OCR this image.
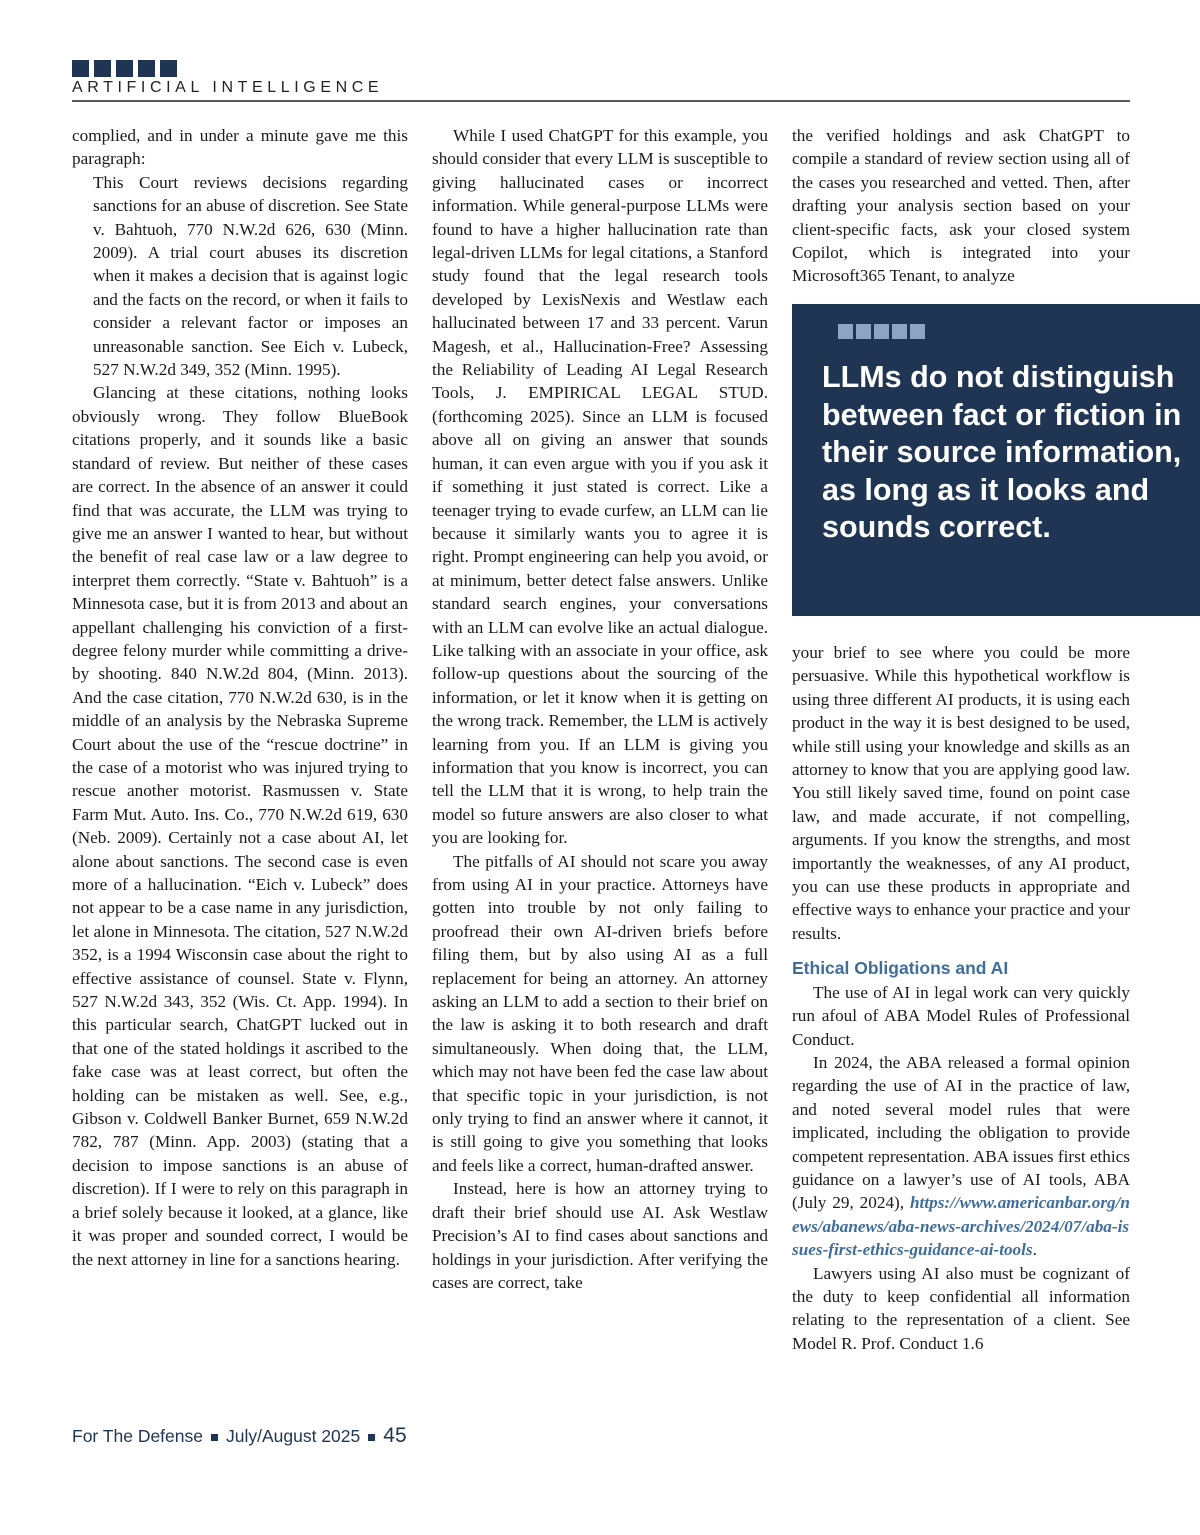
ARTIFICIAL INTELLIGENCE

complied, and in under a minute gave me this paragraph:

This Court reviews decisions regarding sanctions for an abuse of discretion. See State v. Bahtuoh, 770 N.W.2d 626, 630 (Minn. 2009). A trial court abuses its discretion when it makes a decision that is against logic and the facts on the record, or when it fails to consider a relevant factor or imposes an unreasonable sanction. See Eich v. Lubeck, 527 N.W.2d 349, 352 (Minn. 1995).

Glancing at these citations, nothing looks obviously wrong. They follow BlueBook citations properly, and it sounds like a basic standard of review. But neither of these cases are correct. In the absence of an answer it could find that was accurate, the LLM was trying to give me an answer I wanted to hear, but without the benefit of real case law or a law degree to interpret them correctly. “State v. Bahtuoh” is a Minnesota case, but it is from 2013 and about an appellant challenging his conviction of a first-degree felony murder while committing a drive-by shooting. 840 N.W.2d 804, (Minn. 2013). And the case citation, 770 N.W.2d 630, is in the middle of an analysis by the Nebraska Supreme Court about the use of the “rescue doctrine” in the case of a motorist who was injured trying to rescue another motorist. Rasmussen v. State Farm Mut. Auto. Ins. Co., 770 N.W.2d 619, 630 (Neb. 2009). Certainly not a case about AI, let alone about sanctions. The second case is even more of a hallucination. “Eich v. Lubeck” does not appear to be a case name in any jurisdiction, let alone in Minnesota. The citation, 527 N.W.2d 352, is a 1994 Wisconsin case about the right to effective assistance of counsel. State v. Flynn, 527 N.W.2d 343, 352 (Wis. Ct. App. 1994). In this particular search, ChatGPT lucked out in that one of the stated holdings it ascribed to the fake case was at least correct, but often the holding can be mistaken as well. See, e.g., Gibson v. Coldwell Banker Burnet, 659 N.W.2d 782, 787 (Minn. App. 2003) (stating that a decision to impose sanctions is an abuse of discretion). If I were to rely on this paragraph in a brief solely because it looked, at a glance, like it was proper and sounded correct, I would be the next attorney in line for a sanctions hearing.

While I used ChatGPT for this example, you should consider that every LLM is susceptible to giving hallucinated cases or incorrect information. While general-purpose LLMs were found to have a higher hallucination rate than legal-driven LLMs for legal citations, a Stanford study found that the legal research tools developed by LexisNexis and Westlaw each hallucinated between 17 and 33 percent. Varun Magesh, et al., Hallucination-Free? Assessing the Reliability of Leading AI Legal Research Tools, J. EMPIRICAL LEGAL STUD. (forthcoming 2025). Since an LLM is focused above all on giving an answer that sounds human, it can even argue with you if you ask it if something it just stated is correct. Like a teenager trying to evade curfew, an LLM can lie because it similarly wants you to agree it is right. Prompt engineering can help you avoid, or at minimum, better detect false answers. Unlike standard search engines, your conversations with an LLM can evolve like an actual dialogue. Like talking with an associate in your office, ask follow-up questions about the sourcing of the information, or let it know when it is getting on the wrong track. Remember, the LLM is actively learning from you. If an LLM is giving you information that you know is incorrect, you can tell the LLM that it is wrong, to help train the model so future answers are also closer to what you are looking for.

The pitfalls of AI should not scare you away from using AI in your practice. Attorneys have gotten into trouble by not only failing to proofread their own AI-driven briefs before filing them, but by also using AI as a full replacement for being an attorney. An attorney asking an LLM to add a section to their brief on the law is asking it to both research and draft simultaneously. When doing that, the LLM, which may not have been fed the case law about that specific topic in your jurisdiction, is not only trying to find an answer where it cannot, it is still going to give you something that looks and feels like a correct, human-drafted answer.

Instead, here is how an attorney trying to draft their brief should use AI. Ask Westlaw Precision’s AI to find cases about sanctions and holdings in your jurisdiction. After verifying the cases are correct, take

the verified holdings and ask ChatGPT to compile a standard of review section using all of the cases you researched and vetted. Then, after drafting your analysis section based on your client-specific facts, ask your closed system Copilot, which is integrated into your Microsoft365 Tenant, to analyze

LLMs do not distinguish between fact or fiction in their source information, as long as it looks and sounds correct.

your brief to see where you could be more persuasive. While this hypothetical workflow is using three different AI products, it is using each product in the way it is best designed to be used, while still using your knowledge and skills as an attorney to know that you are applying good law. You still likely saved time, found on point case law, and made accurate, if not compelling, arguments. If you know the strengths, and most importantly the weaknesses, of any AI product, you can use these products in appropriate and effective ways to enhance your practice and your results.

Ethical Obligations and AI

The use of AI in legal work can very quickly run afoul of ABA Model Rules of Professional Conduct.

In 2024, the ABA released a formal opinion regarding the use of AI in the practice of law, and noted several model rules that were implicated, including the obligation to provide competent representation. ABA issues first ethics guidance on a lawyer’s use of AI tools, ABA (July 29, 2024), https://www.americanbar.org/news/abanews/aba-news-archives/2024/07/aba-issues-first-ethics-guidance-ai-tools.

Lawyers using AI also must be cognizant of the duty to keep confidential all information relating to the representation of a client. See Model R. Prof. Conduct 1.6

For The Defense July/August 2025 45
